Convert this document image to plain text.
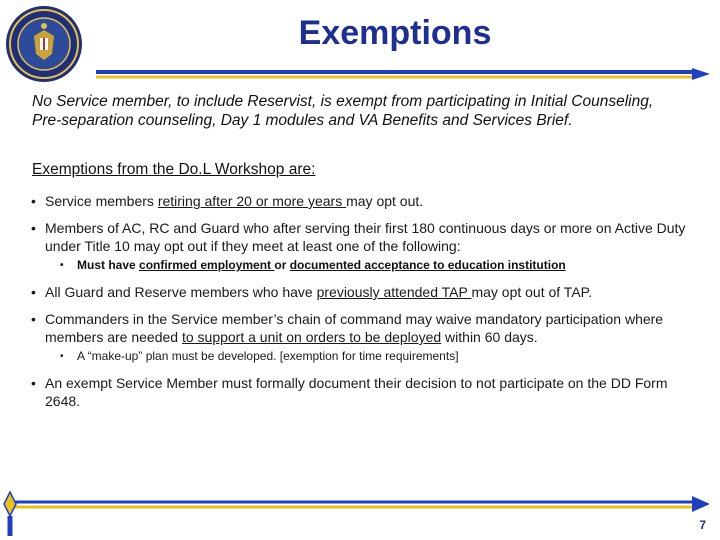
Exemptions
No Service member, to include Reservist, is exempt from participating in Initial Counseling, Pre-separation counseling, Day 1 modules and VA Benefits and Services Brief.
Exemptions from the Do.L Workshop are:
• Service members retiring after 20 or more years may opt out.
• Members of AC, RC and Guard who after serving their first 180 continuous days or more on Active Duty under Title 10 may opt out if they meet at least one of the following:
• Must have confirmed employment or documented acceptance to education institution
• All Guard and Reserve members who have previously attended TAP may opt out of TAP.
• Commanders in the Service member’s chain of command may waive mandatory participation where members are needed to support a unit on orders to be deployed within 60 days.
• A “make-up” plan must be developed. [exemption for time requirements]
• An exempt Service Member must formally document their decision to not participate on the DD Form 2648.
7
